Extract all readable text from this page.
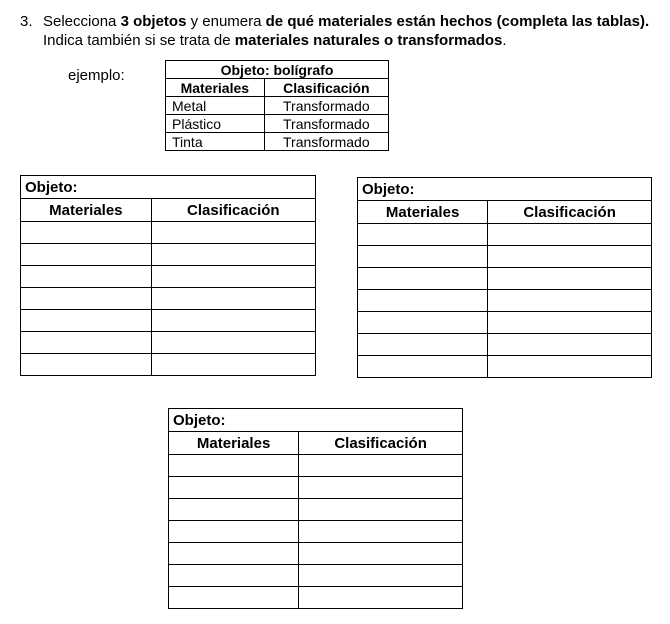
3. Selecciona 3 objetos y enumera de qué materiales están hechos (completa las tablas).
Indica también si se trata de materiales naturales o transformados.
ejemplo:	Objeto: bolígrafo	
Materiales	Clasificación
Metal	Transformado
Plástico	Transformado
Tinta	Transformado
Objeto:	
Materiales	Clasificación

Objeto:	
Materiales	Clasificación

Objeto:	
Materiales	Clasificación
